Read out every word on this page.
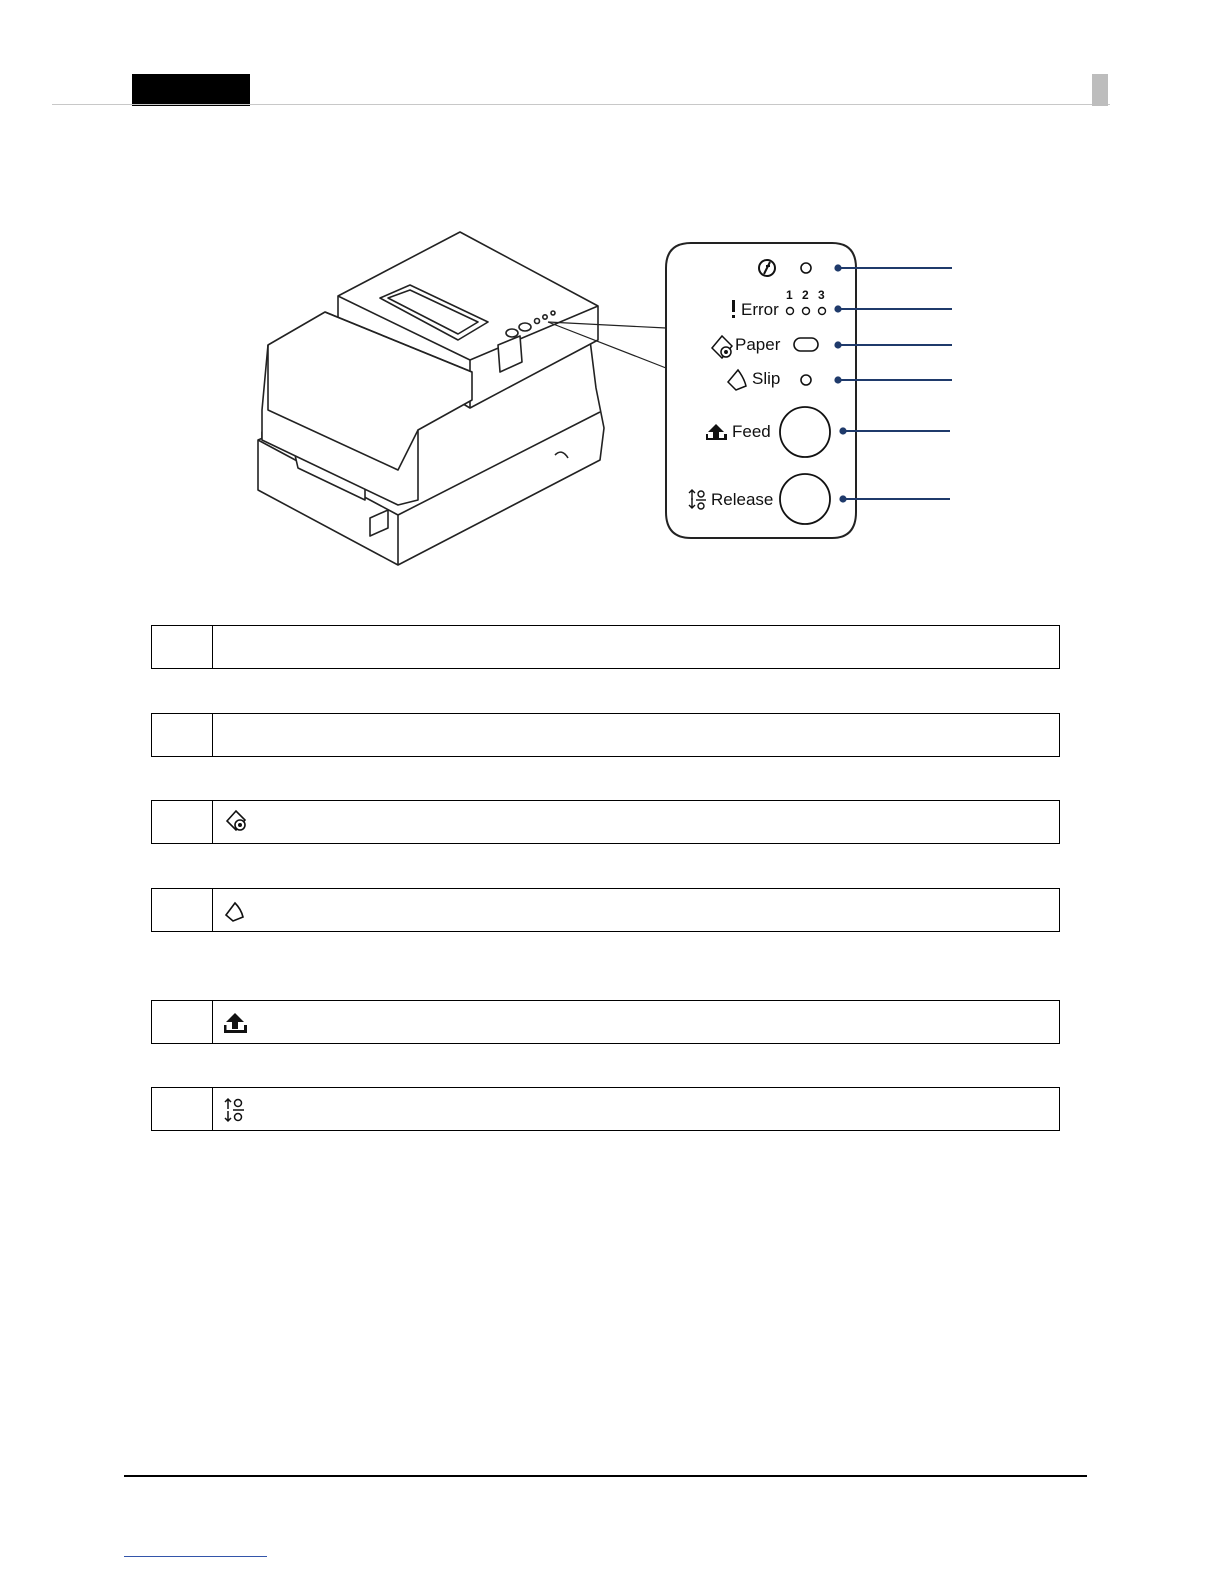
Error
1 2 3
Paper
Slip
Feed
Release
